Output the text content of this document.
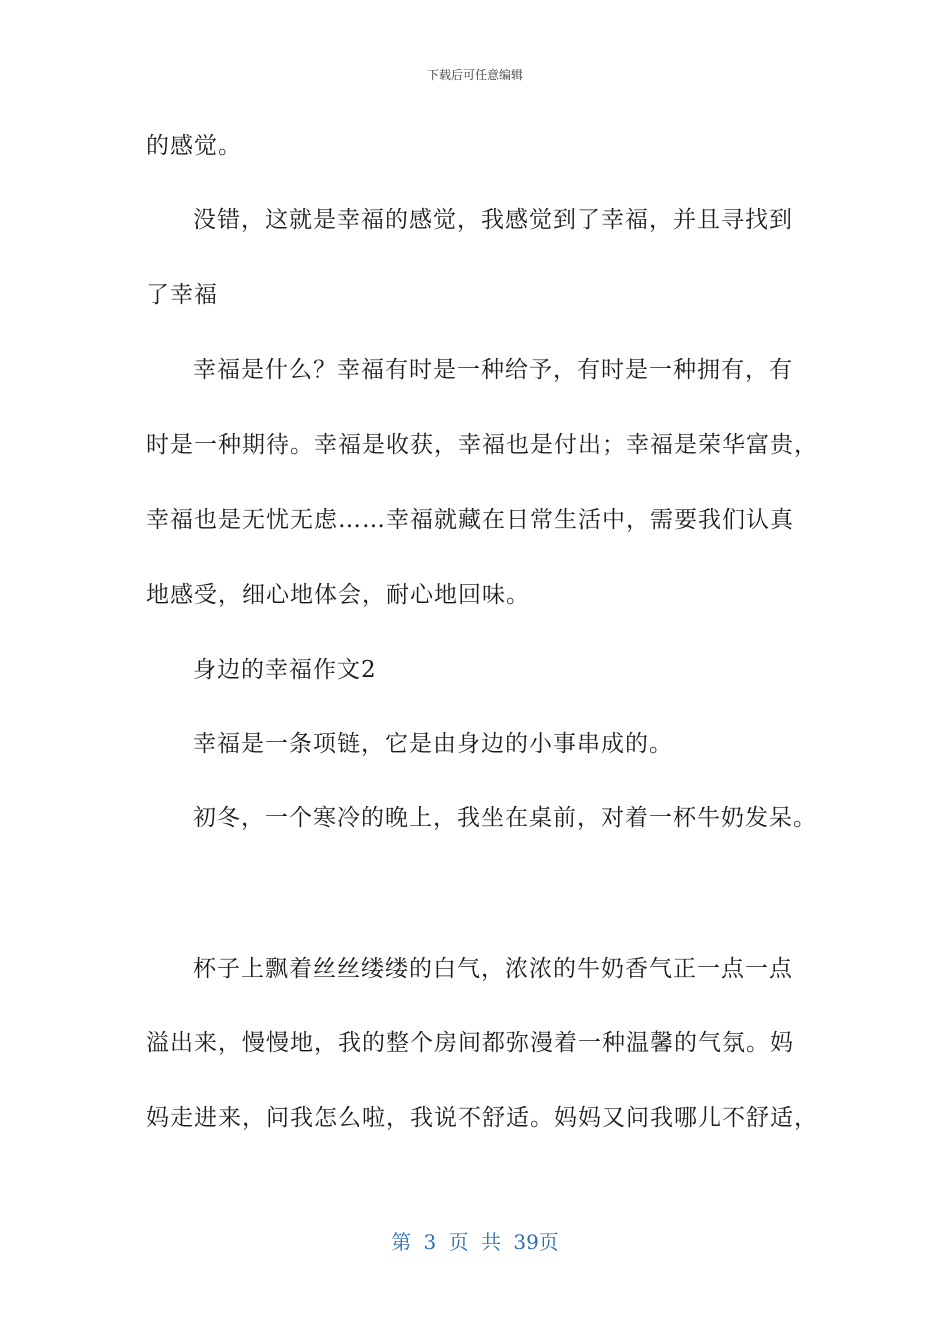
下载后可任意编辑
的感觉。
没错，这就是幸福的感觉，我感觉到了幸福，并且寻找到
了幸福
幸福是什么？幸福有时是一种给予，有时是一种拥有，有
时是一种期待。幸福是收获，幸福也是付出；幸福是荣华富贵，
幸福也是无忧无虑……幸福就藏在日常生活中，需要我们认真
地感受，细心地体会，耐心地回味。
身边的幸福作文2
幸福是一条项链，它是由身边的小事串成的。
初冬，一个寒冷的晚上，我坐在桌前，对着一杯牛奶发呆。
杯子上飘着丝丝缕缕的白气，浓浓的牛奶香气正一点一点
溢出来，慢慢地，我的整个房间都弥漫着一种温馨的气氛。妈
妈走进来，问我怎么啦，我说不舒适。妈妈又问我哪儿不舒适，
第 3 页 共 39页
